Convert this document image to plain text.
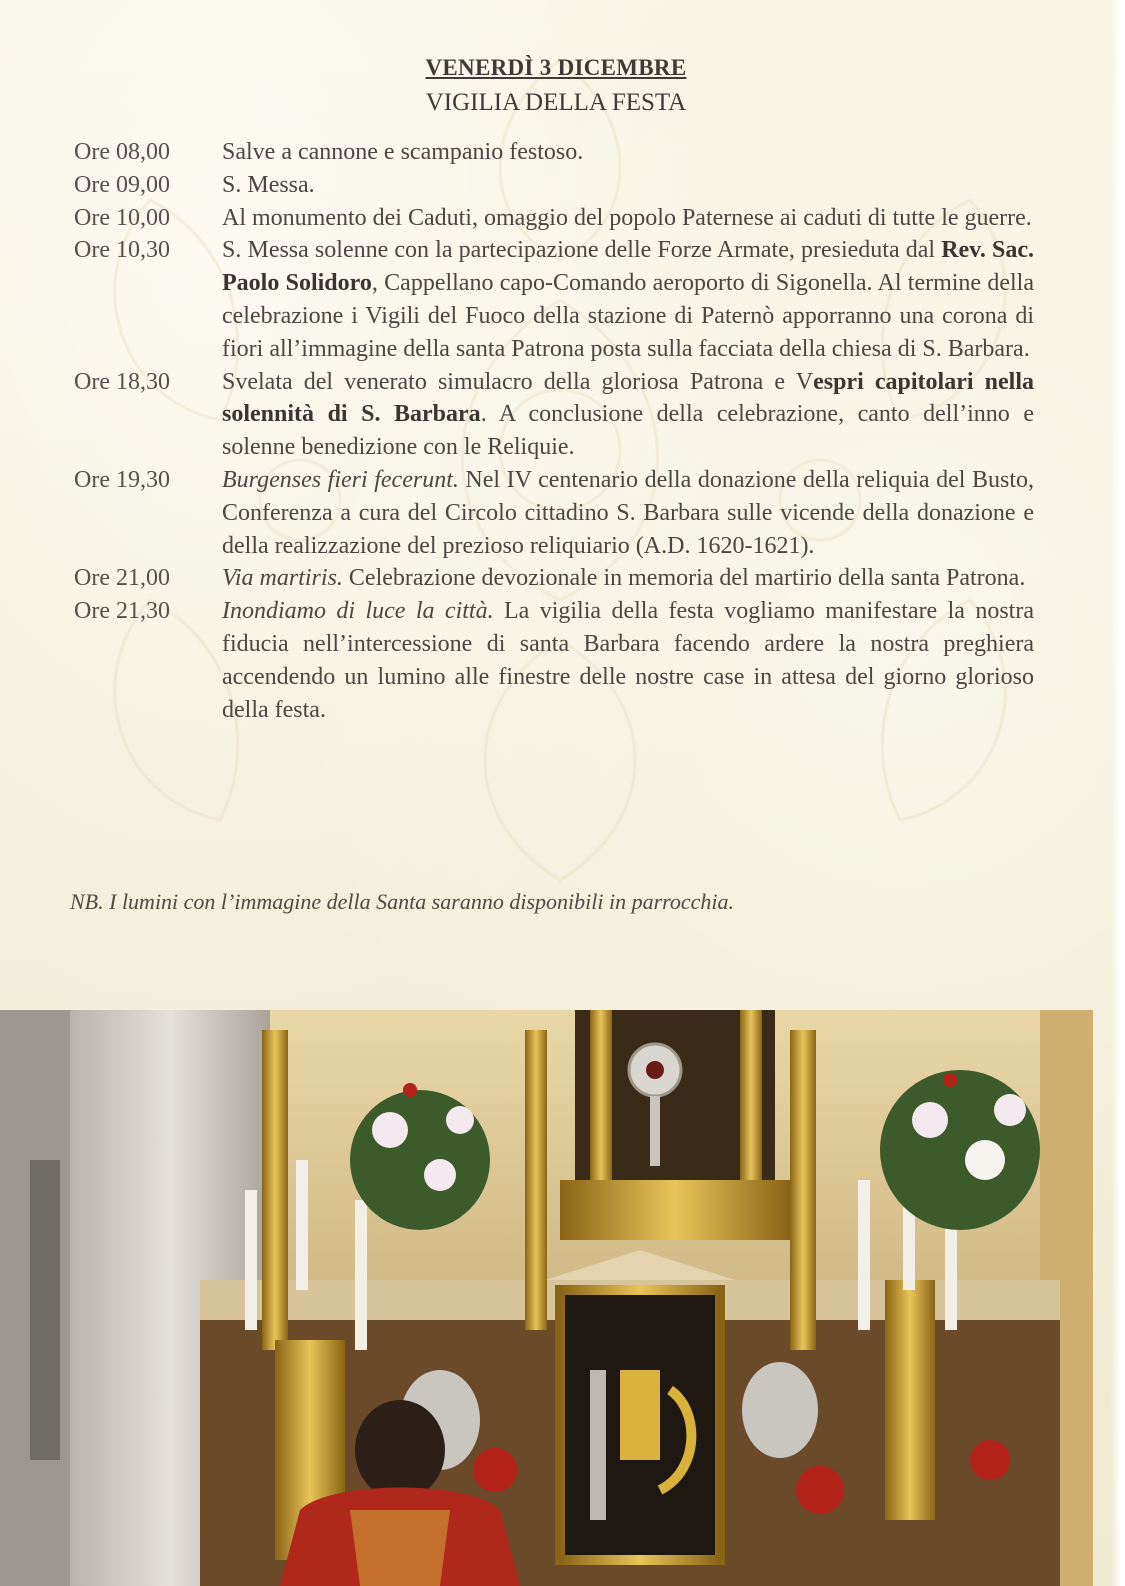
VENERDÌ 3 DICEMBRE
VIGILIA DELLA FESTA
Ore 08,00	Salve a cannone e scampanio festoso.
Ore 09,00	S. Messa.
Ore 10,00	Al monumento dei Caduti, omaggio del popolo Paternese ai caduti di tutte le guerre.
Ore 10,30	S. Messa solenne con la partecipazione delle Forze Armate, presieduta dal Rev. Sac. Paolo Solidoro, Cappellano capo-Comando aeroporto di Sigonella. Al termine della celebrazione i Vigili del Fuoco della stazione di Paternò apporranno una corona di fiori all’immagine della santa Patrona posta sulla facciata della chiesa di S. Barbara.
Ore 18,30	Svelata del venerato simulacro della gloriosa Patrona e Vespri capitolari nella solennità di S. Barbara. A conclusione della celebrazione, canto dell’inno e solenne benedizione con le Reliquie.
Ore 19,30	Burgenses fieri fecerunt. Nel IV centenario della donazione della reliquia del Busto, Conferenza a cura del Circolo cittadino S. Barbara sulle vicende della donazione e della realizzazione del prezioso reliquiario (A.D. 1620-1621).
Ore 21,00	Via martiris. Celebrazione devozionale in memoria del martirio della santa Patrona.
Ore 21,30	Inondiamo di luce la città. La vigilia della festa vogliamo manifestare la nostra fiducia nell’intercessione di santa Barbara facendo ardere la nostra preghiera accendendo un lumino alle finestre delle nostre case in attesa del giorno glorioso della festa.
NB. I lumini con l’immagine della Santa saranno disponibili in parrocchia.
